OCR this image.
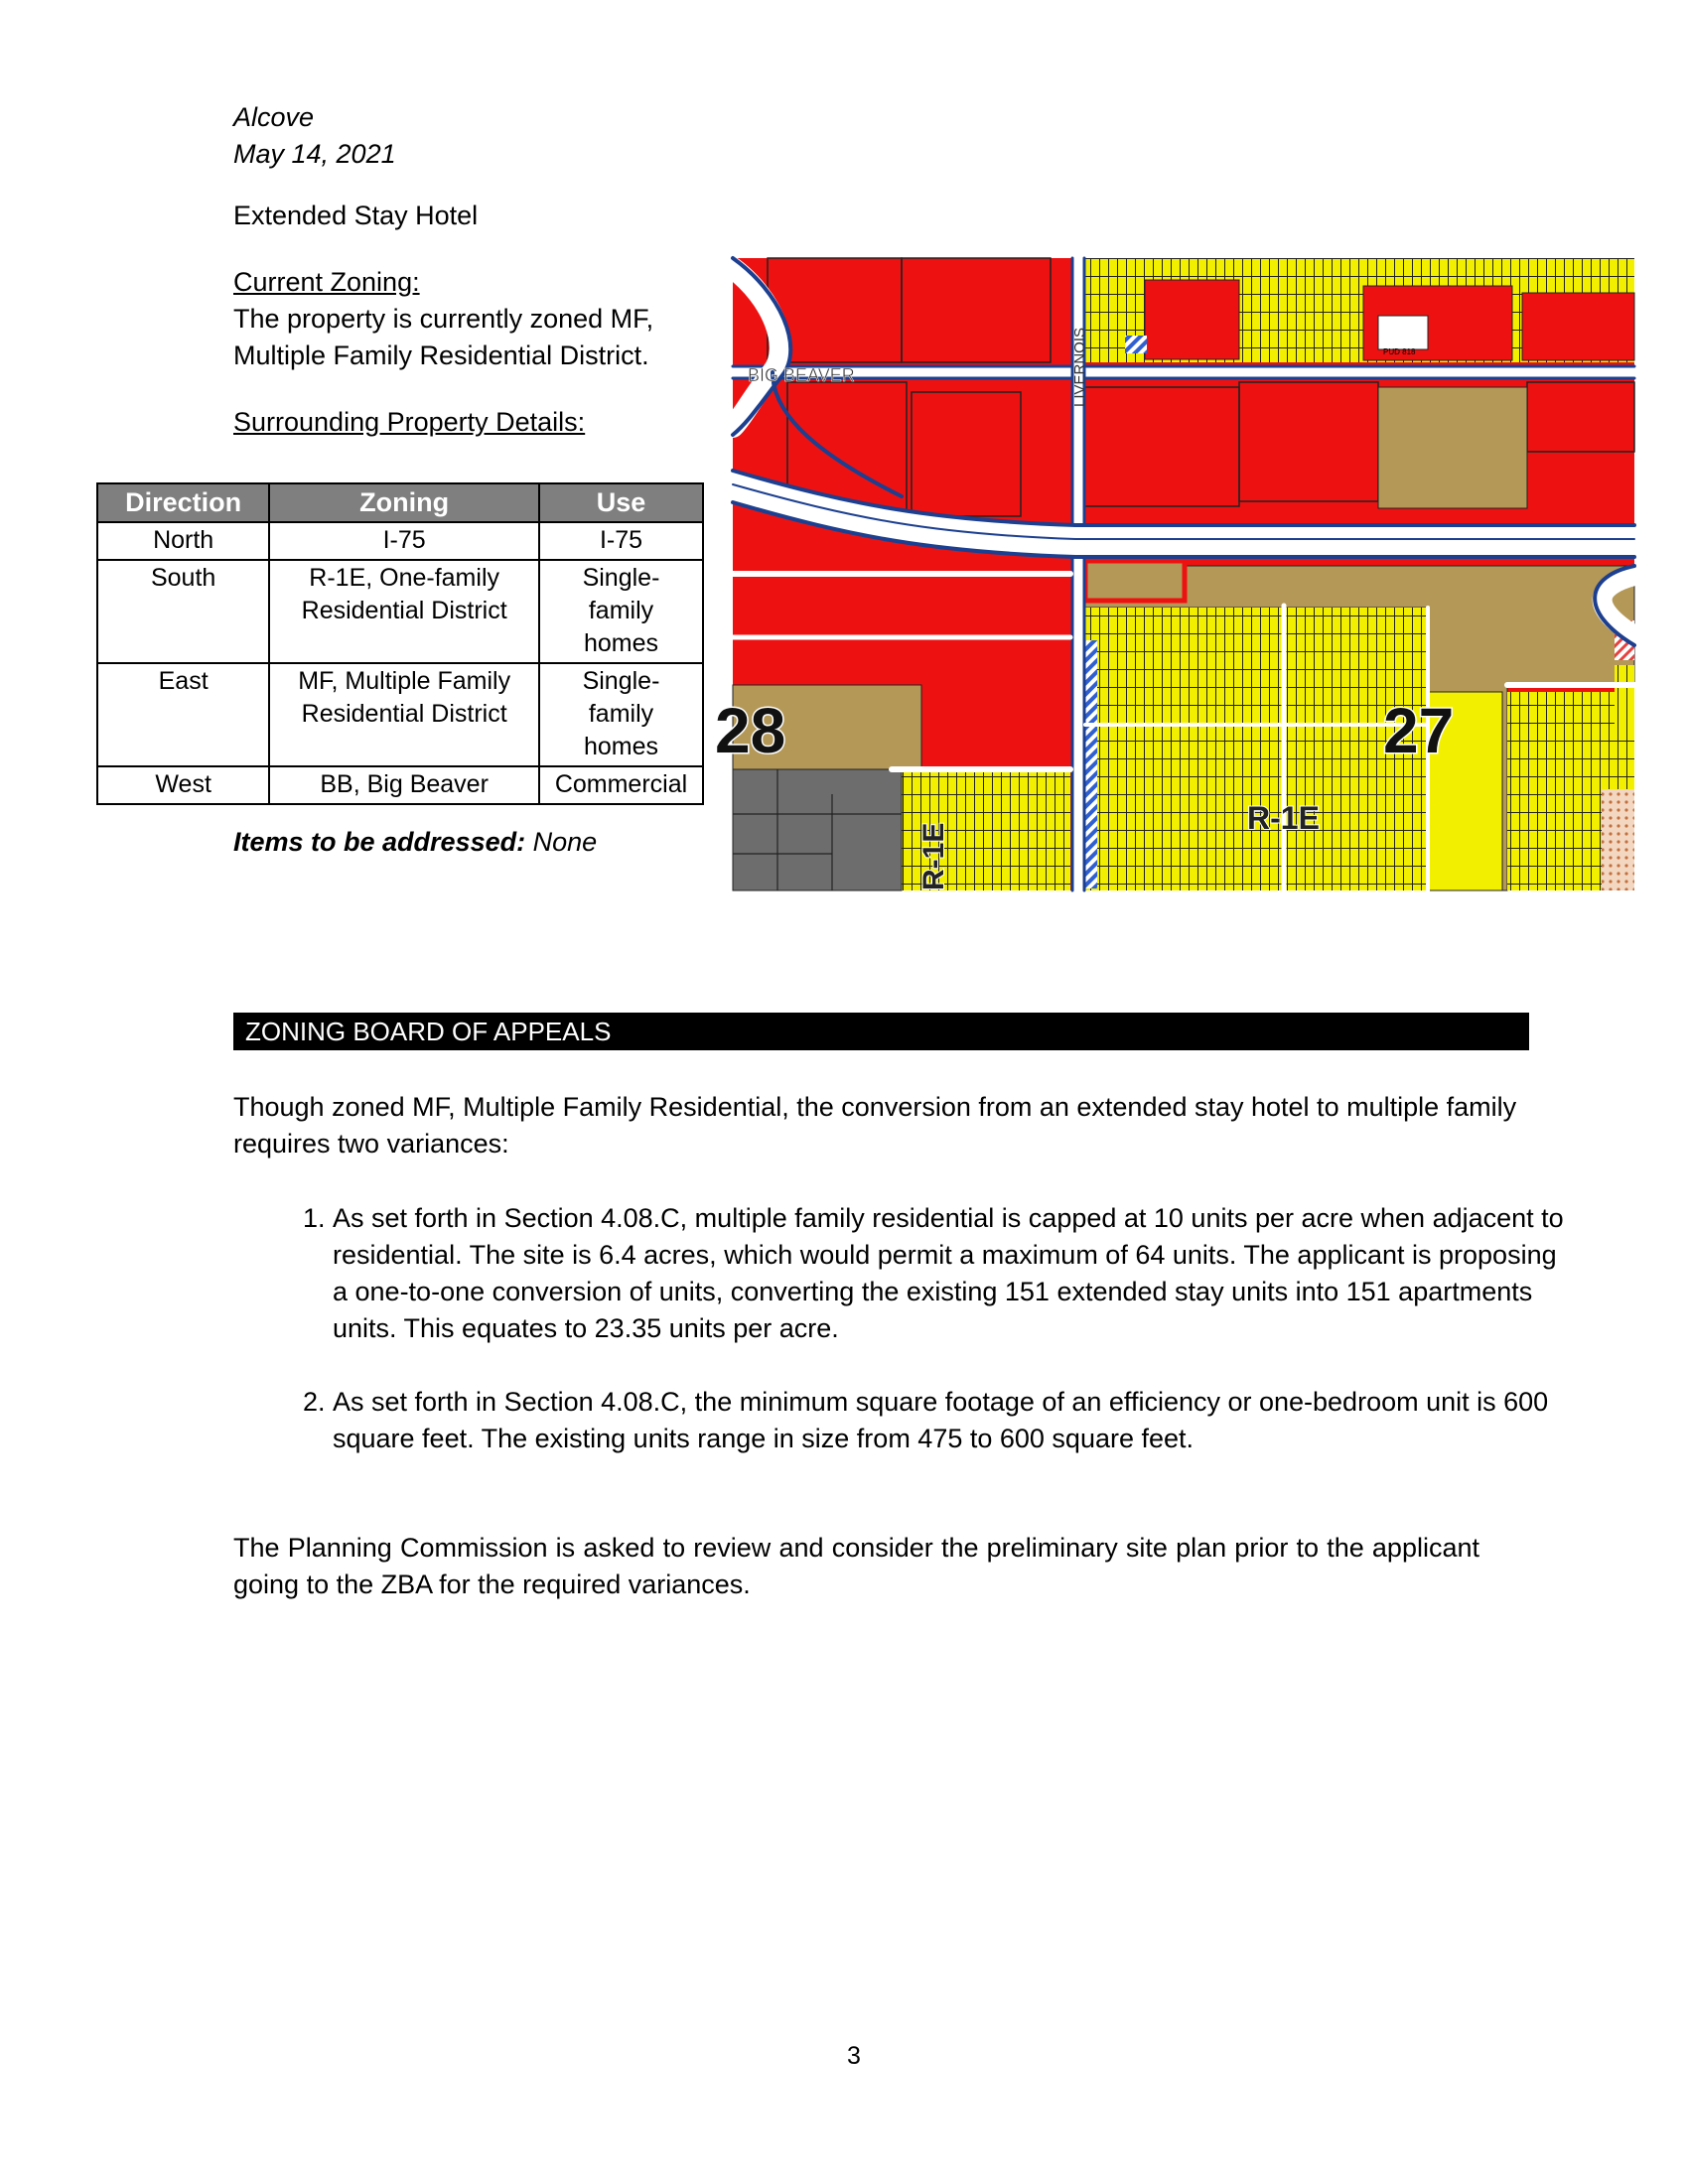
Alcove
May 14, 2021
Extended Stay Hotel
Current Zoning:
The property is currently zoned MF, Multiple Family Residential District.
Surrounding Property Details:
Direction	Zoning	Use
North	I-75	I-75
South	R-1E, One-family Residential District	Single-family homes
East	MF, Multiple Family Residential District	Single-family homes
West	BB, Big Beaver	Commercial
Items to be addressed: None
PUD 818
BIG BEAVER	LIVERNOIS
28	27
R-1E
R-1E
ZONING BOARD OF APPEALS
Though zoned MF, Multiple Family Residential, the conversion from an extended stay hotel to multiple family requires two variances:
1. As set forth in Section 4.08.C, multiple family residential is capped at 10 units per acre when adjacent to residential. The site is 6.4 acres, which would permit a maximum of 64 units. The applicant is proposing a one-to-one conversion of units, converting the existing 151 extended stay units into 151 apartments units. This equates to 23.35 units per acre.
2. As set forth in Section 4.08.C, the minimum square footage of an efficiency or one-bedroom unit is 600 square feet. The existing units range in size from 475 to 600 square feet.
The Planning Commission is asked to review and consider the preliminary site plan prior to the applicant going to the ZBA for the required variances.
3
